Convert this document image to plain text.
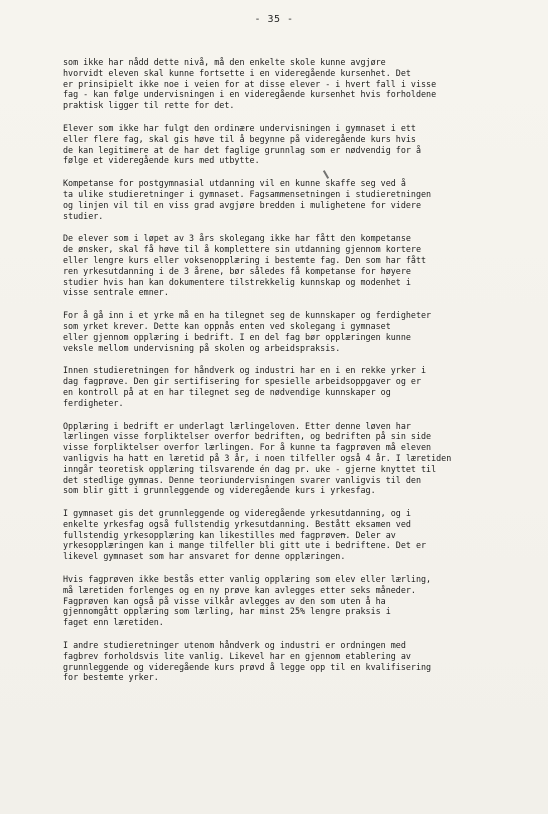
- 35 -

som ikke har nådd dette nivå, må den enkelte skole kunne avgjøre
hvorvidt eleven skal kunne fortsette i en videregående kursenhet. Det
er prinsipielt ikke noe i veien for at disse elever - i hvert fall i visse
fag - kan følge undervisningen i en videregående kursenhet hvis forholdene
praktisk ligger til rette for det.

Elever som ikke har fulgt den ordinære undervisningen i gymnaset i ett
eller flere fag, skal gis høve til å begynne på videregående kurs hvis
de kan legitimere at de har det faglige grunnlag som er nødvendig for å
følge et videregående kurs med utbytte.

Kompetanse for postgymnasial utdanning vil en kunne skaffe seg ved å
ta ulike studieretninger i gymnaset. Fagsammensetningen i studieretningen
og linjen vil til en viss grad avgjøre bredden i mulighetene for videre
studier.

De elever som i løpet av 3 års skolegang ikke har fått den kompetanse
de ønsker, skal få høve til å komplettere sin utdanning gjennom kortere
eller lengre kurs eller voksenopplæring i bestemte fag. Den som har fått
ren yrkesutdanning i de 3 årene, bør således få kompetanse for høyere
studier hvis han kan dokumentere tilstrekkelig kunnskap og modenhet i
visse sentrale emner.

For å gå inn i et yrke må en ha tilegnet seg de kunnskaper og ferdigheter
som yrket krever. Dette kan oppnås enten ved skolegang i gymnaset
eller gjennom opplæring i bedrift. I en del fag bør opplæringen kunne
veksle mellom undervisning på skolen og arbeidspraksis.

Innen studieretningen for håndverk og industri har en i en rekke yrker i
dag fagprøve. Den gir sertifisering for spesielle arbeidsoppgaver og er
en kontroll på at en har tilegnet seg de nødvendige kunnskaper og
ferdigheter.

Opplæring i bedrift er underlagt lærlingeloven. Etter denne løven har
lærlingen visse forpliktelser overfor bedriften, og bedriften på sin side
visse forpliktelser overfor lærlingen. For å kunne ta fagprøven må eleven
vanligvis ha hatt en læretid på 3 år, i noen tilfeller også 4 år. I læretiden
inngår teoretisk opplæring tilsvarende én dag pr. uke - gjerne knyttet til
det stedlige gymnas. Denne teoriundervisningen svarer vanligvis til den
som blir gitt i grunnleggende og videregående kurs i yrkesfag.

I gymnaset gis det grunnleggende og videregående yrkesutdanning, og i
enkelte yrkesfag også fullstendig yrkesutdanning. Bestått eksamen ved
fullstendig yrkesopplæring kan likestilles med fagprøven. Deler av
yrkesopplæringen kan i mange tilfeller bli gitt ute i bedriftene. Det er
likevel gymnaset som har ansvaret for denne opplæringen.

Hvis fagprøven ikke bestås etter vanlig opplæring som elev eller lærling,
må læretiden forlenges og en ny prøve kan avlegges etter seks måneder.
Fagprøven kan også på visse vilkår avlegges av den som uten å ha
gjennomgått opplæring som lærling, har minst 25% lengre praksis i
faget enn læretiden.

I andre studieretninger utenom håndverk og industri er ordningen med
fagbrev forholdsvis lite vanlig. Likevel har en gjennom etablering av
grunnleggende og videregående kurs prøvd å legge opp til en kvalifisering
for bestemte yrker.
